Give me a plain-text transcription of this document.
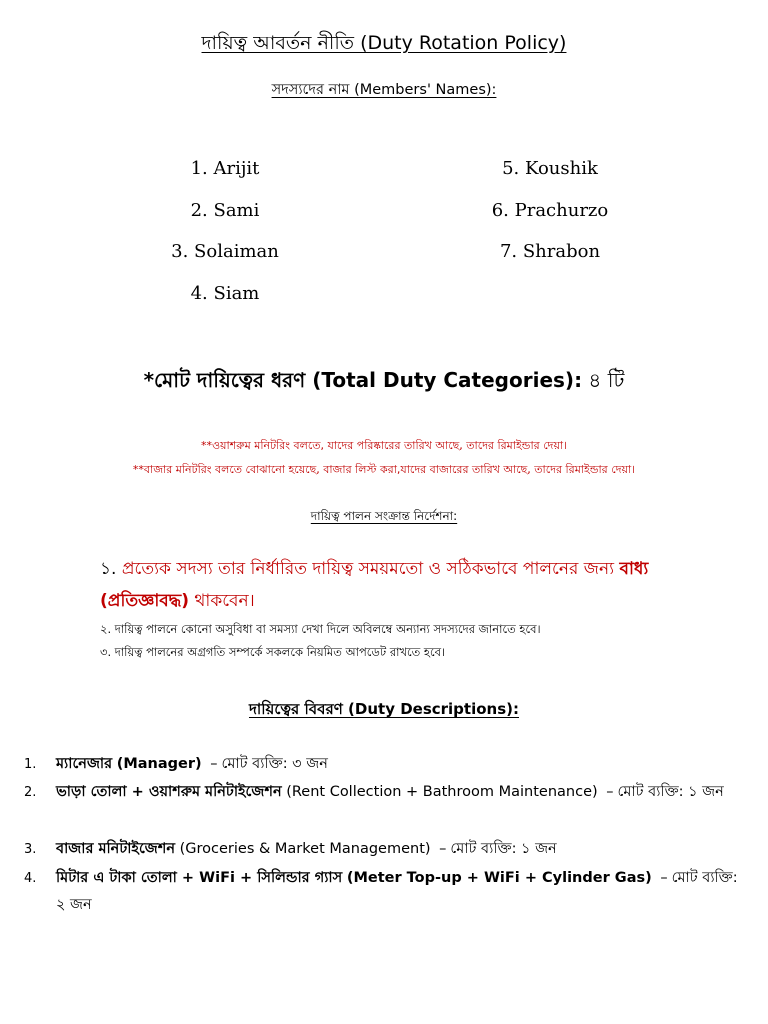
দায়িত্ব আবর্তন নীতি (Duty Rotation Policy)
সদস্যদের নাম (Members' Names):
1. Arijit
2. Sami
3. Solaiman
4. Siam
5. Koushik
6. Prachurzo
7. Shrabon
*মোট দায়িত্বের ধরণ (Total Duty Categories): ৪ টি
**ওয়াশরুম মনিটরিং বলতে, যাদের পরিষ্কারের তারিখ আছে, তাদের রিমাইন্ডার দেয়া।
**বাজার মনিটরিং বলতে বোঝানো হয়েছে, বাজার লিস্ট করা,যাদের বাজারের তারিখ আছে, তাদের রিমাইন্ডার দেয়া।
দায়িত্ব পালন সংক্রান্ত নির্দেশনা:
১. প্রত্যেক সদস্য তার নির্ধারিত দায়িত্ব সময়মতো ও সঠিকভাবে পালনের জন্য বাধ্য (প্রতিজ্ঞাবদ্ধ) থাকবেন।
২. দায়িত্ব পালনে কোনো অসুবিধা বা সমস্যা দেখা দিলে অবিলম্বে অন্যান্য সদস্যদের জানাতে হবে।
৩. দায়িত্ব পালনের অগ্রগতি সম্পর্কে সকলকে নিয়মিত আপডেট রাখতে হবে।
দায়িত্বের বিবরণ (Duty Descriptions):
1.	ম্যানেজার (Manager) – মোট ব্যক্তি: ৩ জন
2.	ভাড়া তোলা + ওয়াশরুম মনিটাইজেশন (Rent Collection + Bathroom Maintenance) – মোট ব্যক্তি: ১ জন
3.	বাজার মনিটাইজেশন (Groceries & Market Management) – মোট ব্যক্তি: ১ জন
4.	মিটার এ টাকা তোলা + WiFi + সিলিন্ডার গ্যাস (Meter Top-up + WiFi + Cylinder Gas) – মোট ব্যক্তি: ২ জন
